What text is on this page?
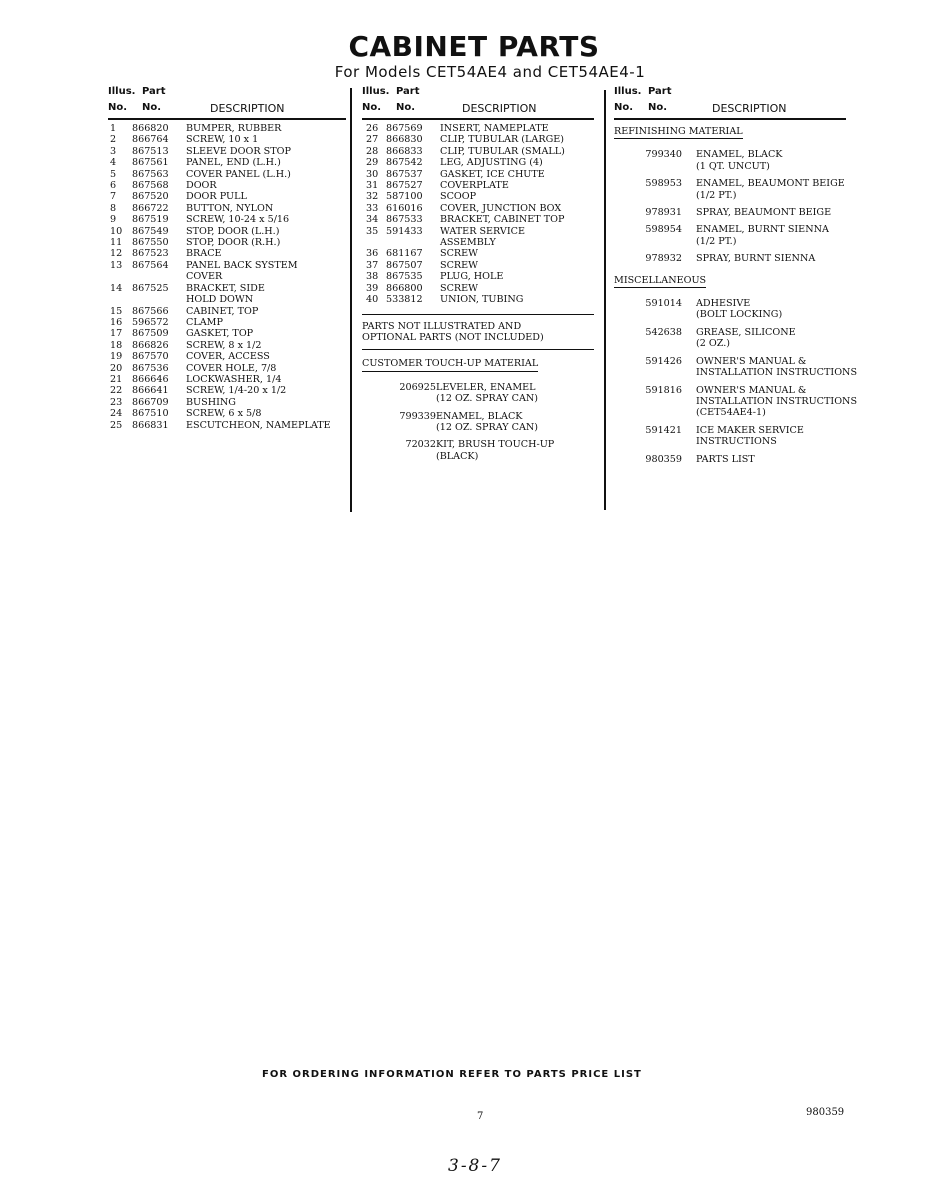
CABINET PARTS
For Models CET54AE4 and CET54AE4-1
Illus. Part
No. No.	DESCRIPTION
1	866820 BUMPER, RUBBER
2	866764 SCREW, 10 x 1
3	867513 SLEEVE DOOR STOP
4	867561 PANEL, END (L.H.)
5	867563 COVER PANEL (L.H.)
6	867568 DOOR
7	867520 DOOR PULL
8	866722 BUTTON, NYLON
9	867519 SCREW, 10-24 x 5/16
10 867549 STOP, DOOR (L.H.)
11 867550 STOP, DOOR (R.H.)
12 867523 BRACE
13 867564 PANEL BACK SYSTEM
COVER
14 867525 BRACKET, SIDE
HOLD DOWN
15 867566 CABINET, TOP
16 596572 CLAMP
17 867509 GASKET, TOP
18 866826 SCREW, 8 x 1/2
19 867570 COVER, ACCESS
20 867536 COVER HOLE, 7/8
21 866646 LOCKWASHER, 1/4
22 866641 SCREW, 1/4-20 x 1/2
23 866709 BUSHING
24 867510 SCREW, 6 x 5/8
25 866831 ESCUTCHEON, NAMEPLATE
Illus. Part
No. No.	DESCRIPTION
26 867569 INSERT, NAMEPLATE
27 866830 CLIP, TUBULAR (LARGE)
28 866833 CLIP, TUBULAR (SMALL)
29 867542 LEG, ADJUSTING (4)
30 867537 GASKET, ICE CHUTE
31 867527 COVERPLATE
32 587100 SCOOP
33 616016 COVER, JUNCTION BOX
34 867533 BRACKET, CABINET TOP
35 591433 WATER SERVICE
ASSEMBLY
36 681167 SCREW
37 867507 SCREW
38 867535 PLUG, HOLE
39 866800 SCREW
40 533812 UNION, TUBING
PARTS NOT ILLUSTRATED AND
OPTIONAL PARTS (NOT INCLUDED)
CUSTOMER TOUCH-UP MATERIAL
206925 LEVELER, ENAMEL
(12 OZ. SPRAY CAN)
799339 ENAMEL, BLACK
(12 OZ. SPRAY CAN)
72032 KIT, BRUSH TOUCH-UP
(BLACK)
Illus. Part
No. No.	DESCRIPTION
REFINISHING MATERIAL
799340 ENAMEL, BLACK
(1 QT. UNCUT)
598953 ENAMEL, BEAUMONT BEIGE
(1/2 PT.)
978931 SPRAY, BEAUMONT BEIGE
598954 ENAMEL, BURNT SIENNA
(1/2 PT.)
978932 SPRAY, BURNT SIENNA
MISCELLANEOUS
591014 ADHESIVE
(BOLT LOCKING)
542638 GREASE, SILICONE
(2 OZ.)
591426 OWNER'S MANUAL &
INSTALLATION INSTRUCTIONS
591816 OWNER'S MANUAL &
INSTALLATION INSTRUCTIONS
(CET54AE4-1)
591421 ICE MAKER SERVICE
INSTRUCTIONS
980359 PARTS LIST
FOR ORDERING INFORMATION REFER TO PARTS PRICE LIST
7	980359
3-8-7
